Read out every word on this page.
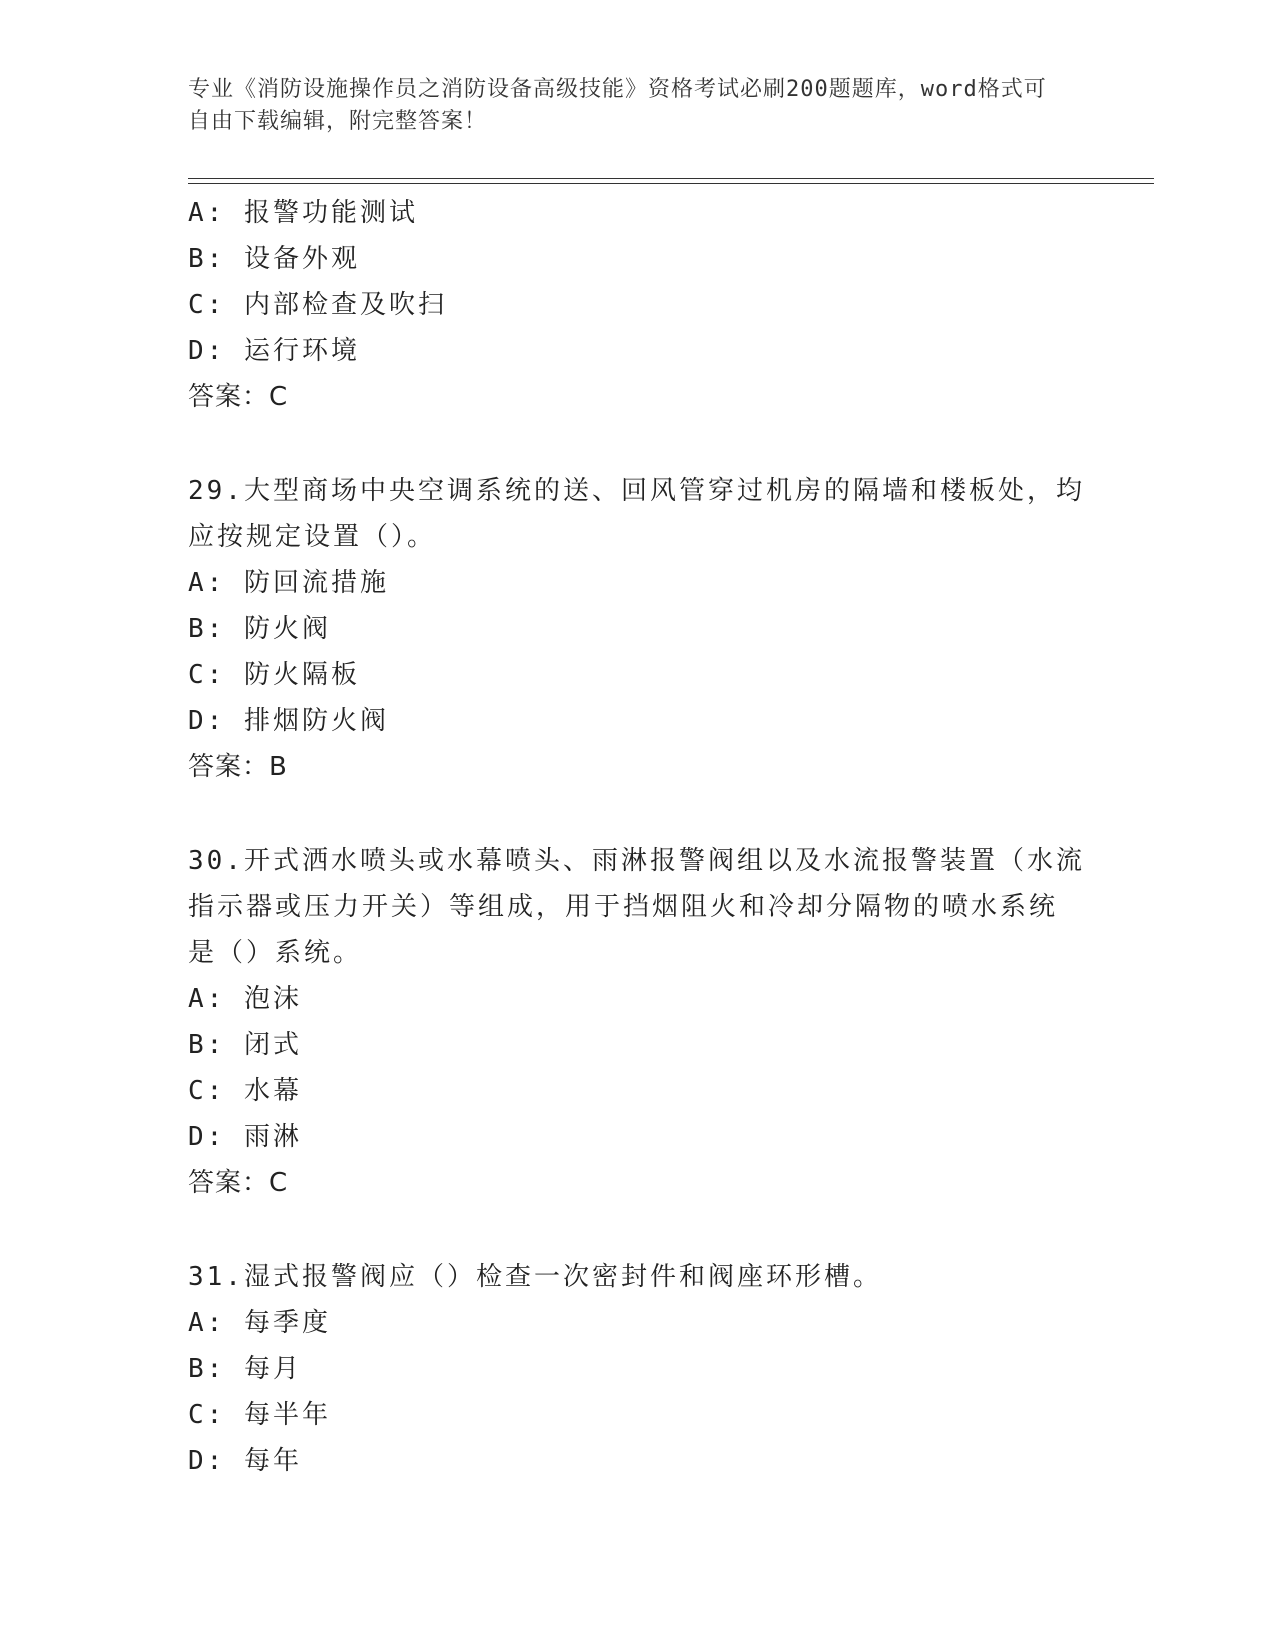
专业《消防设施操作员之消防设备高级技能》资格考试必刷200题题库，word格式可自由下载编辑，附完整答案！
A: 报警功能测试
B: 设备外观
C: 内部检查及吹扫
D: 运行环境
答案：C
29.大型商场中央空调系统的送、回风管穿过机房的隔墙和楼板处，均
应按规定设置（）。
A: 防回流措施
B: 防火阀
C: 防火隔板
D: 排烟防火阀
答案：B
30.开式洒水喷头或水幕喷头、雨淋报警阀组以及水流报警装置（水流
指示器或压力开关）等组成，用于挡烟阻火和冷却分隔物的喷水系统
是（）系统。
A: 泡沫
B: 闭式
C: 水幕
D: 雨淋
答案：C
31.湿式报警阀应（）检查一次密封件和阀座环形槽。
A: 每季度
B: 每月
C: 每半年
D: 每年
